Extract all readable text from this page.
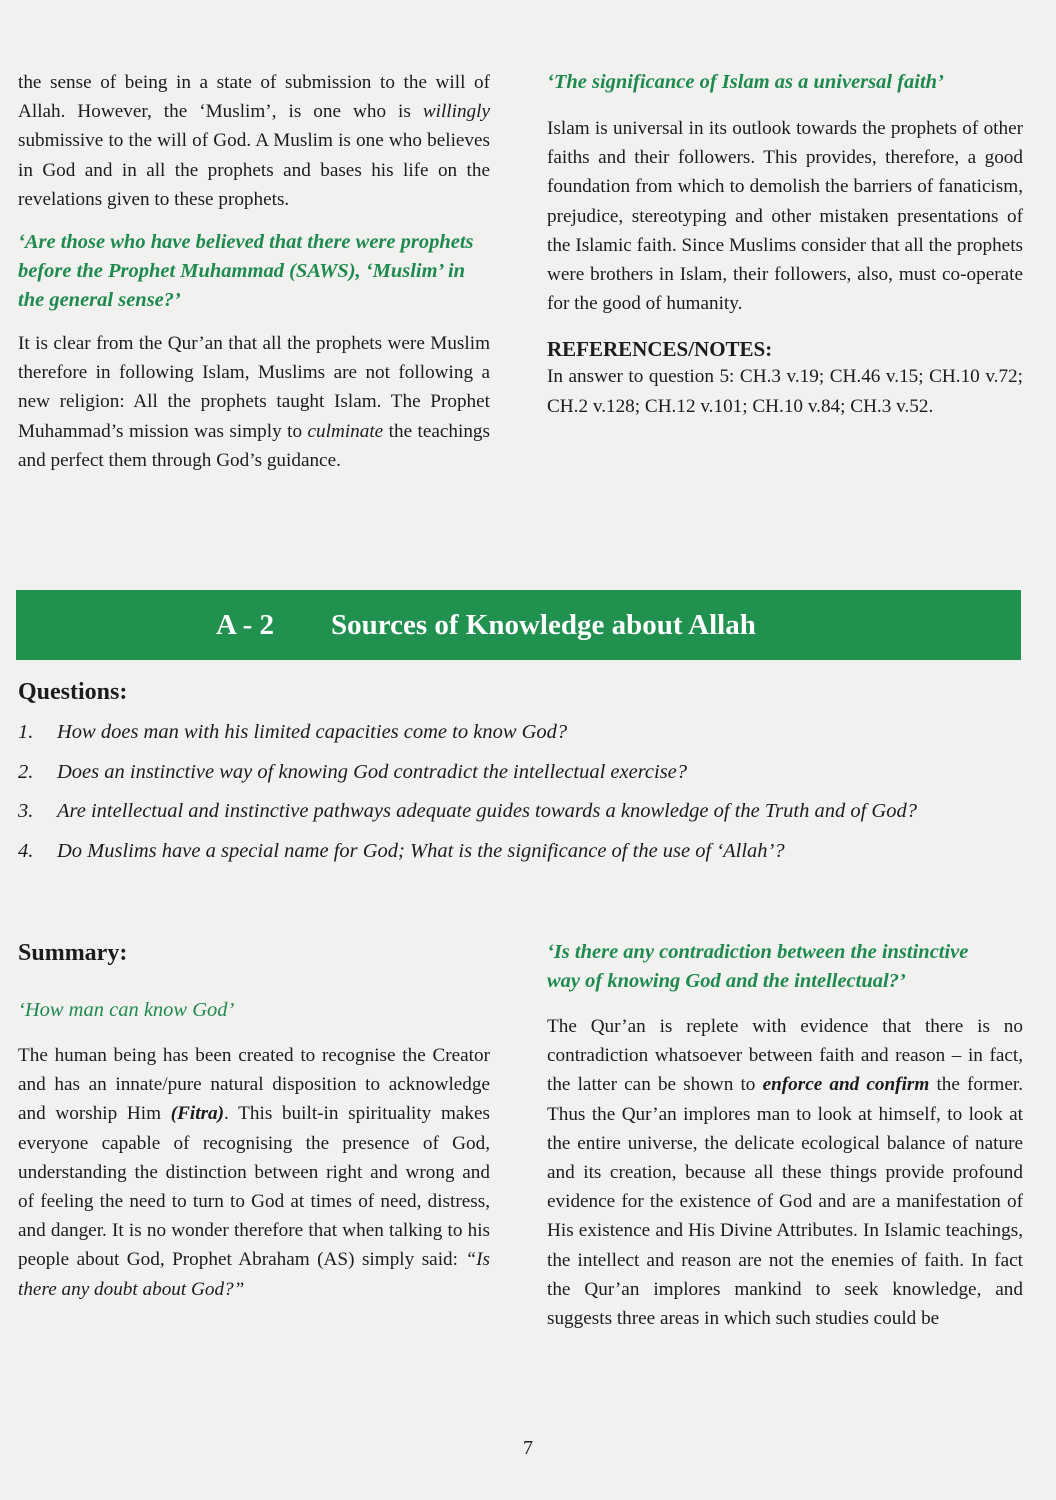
the sense of being in a state of submission to the will of Allah. However, the ‘Muslim’, is one who is willingly submissive to the will of God. A Muslim is one who believes in God and in all the prophets and bases his life on the revelations given to these prophets.

‘Are those who have believed that there were prophets before the Prophet Muhammad (SAWS), ‘Muslim’ in the general sense?’

It is clear from the Qur’an that all the prophets were Muslim therefore in following Islam, Muslims are not following a new religion: All the prophets taught Islam. The Prophet Muhammad’s mission was simply to culminate the teachings and perfect them through God’s guidance.

‘The significance of Islam as a universal faith’

Islam is universal in its outlook towards the prophets of other faiths and their followers. This provides, therefore, a good foundation from which to demolish the barriers of fanaticism, prejudice, stereotyping and other mistaken presentations of the Islamic faith. Since Muslims consider that all the prophets were brothers in Islam, their followers, also, must co-operate for the good of humanity.

REFERENCES/NOTES:

In answer to question 5: CH.3 v.19; CH.46 v.15; CH.10 v.72; CH.2 v.128; CH.12 v.101; CH.10 v.84; CH.3 v.52.

A - 2 Sources of Knowledge about Allah

Questions:

1.	How does man with his limited capacities come to know God?
2.	Does an instinctive way of knowing God contradict the intellectual exercise?
3.	Are intellectual and instinctive pathways adequate guides towards a knowledge of the Truth and of God?
4.	Do Muslims have a special name for God; What is the significance of the use of ‘Allah’?

Summary:

‘How man can know God’

The human being has been created to recognise the Creator and has an innate/pure natural disposition to acknowledge and worship Him (Fitra). This built-in spirituality makes everyone capable of recognising the presence of God, understanding the distinction between right and wrong and of feeling the need to turn to God at times of need, distress, and danger. It is no wonder therefore that when talking to his people about God, Prophet Abraham (AS) simply said: “Is there any doubt about God?”

‘Is there any contradiction between the instinctive way of knowing God and the intellectual?’

The Qur’an is replete with evidence that there is no contradiction whatsoever between faith and reason – in fact, the latter can be shown to enforce and confirm the former. Thus the Qur’an implores man to look at himself, to look at the entire universe, the delicate ecological balance of nature and its creation, because all these things provide profound evidence for the existence of God and are a manifestation of His existence and His Divine Attributes. In Islamic teachings, the intellect and reason are not the enemies of faith. In fact the Qur’an implores mankind to seek knowledge, and suggests three areas in which such studies could be

7
